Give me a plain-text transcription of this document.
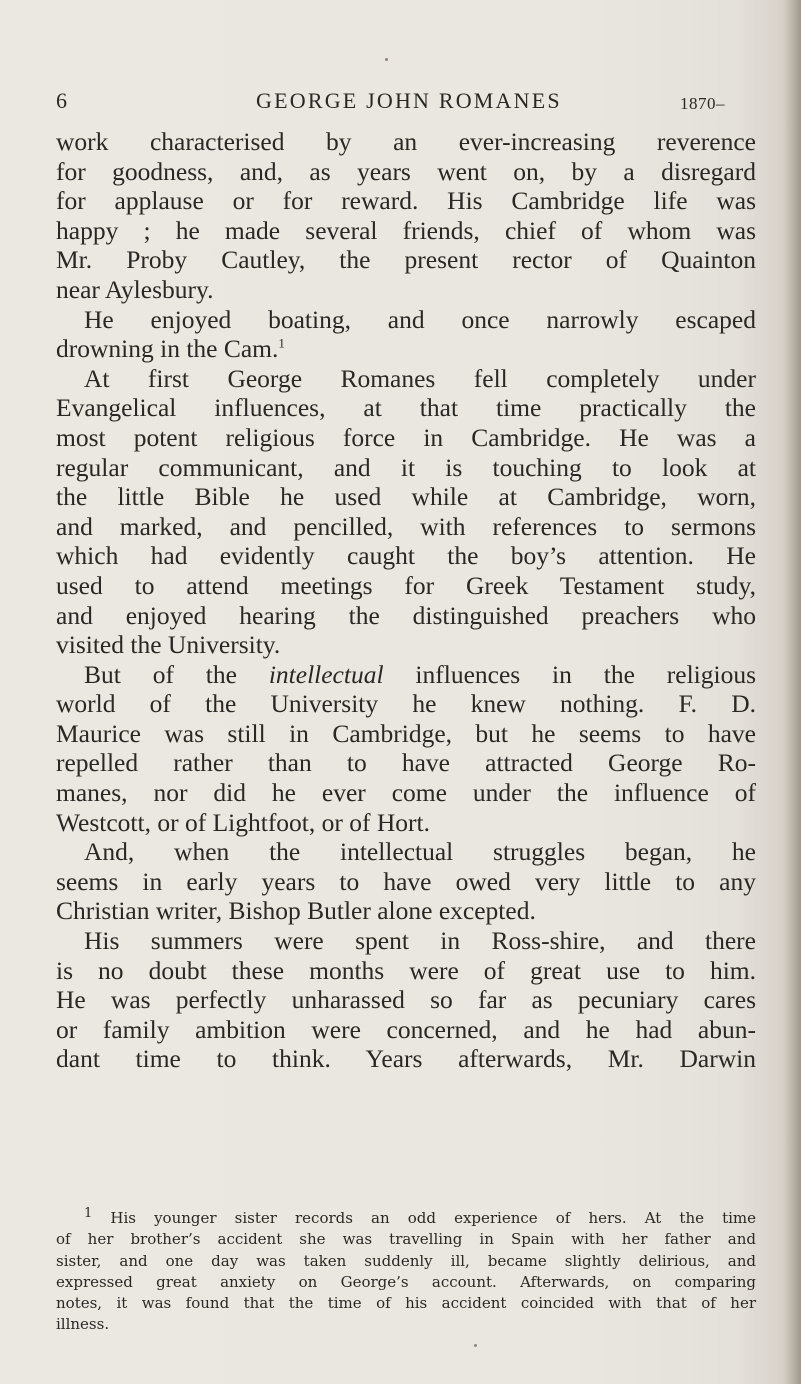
6	GEORGE JOHN ROMANES	1870–
work characterised by an ever-increasing reverence
for goodness, and, as years went on, by a disregard
for applause or for reward. His Cambridge life was
happy ; he made several friends, chief of whom was
Mr. Proby Cautley, the present rector of Quainton
near Aylesbury.
He enjoyed boating, and once narrowly escaped
drowning in the Cam.$^1$
At first George Romanes fell completely under
Evangelical influences, at that time practically the
most potent religious force in Cambridge. He was a
regular communicant, and it is touching to look at
the little Bible he used while at Cambridge, worn,
and marked, and pencilled, with references to sermons
which had evidently caught the boy’s attention. He
used to attend meetings for Greek Testament study,
and enjoyed hearing the distinguished preachers who
visited the University.
But of the intellectual influences in the religious
world of the University he knew nothing. F. D.
Maurice was still in Cambridge, but he seems to have
repelled rather than to have attracted George Ro-
manes, nor did he ever come under the influence of
Westcott, or of Lightfoot, or of Hort.
And, when the intellectual struggles began, he
seems in early years to have owed very little to any
Christian writer, Bishop Butler alone excepted.
His summers were spent in Ross-shire, and there
is no doubt these months were of great use to him.
He was perfectly unharassed so far as pecuniary cares
or family ambition were concerned, and he had abun-
dant time to think. Years afterwards, Mr. Darwin
$^1$ His younger sister records an odd experience of hers. At the time
of her brother’s accident she was travelling in Spain with her father and
sister, and one day was taken suddenly ill, became slightly delirious, and
expressed great anxiety on George’s account. Afterwards, on comparing
notes, it was found that the time of his accident coincided with that of her
illness.
